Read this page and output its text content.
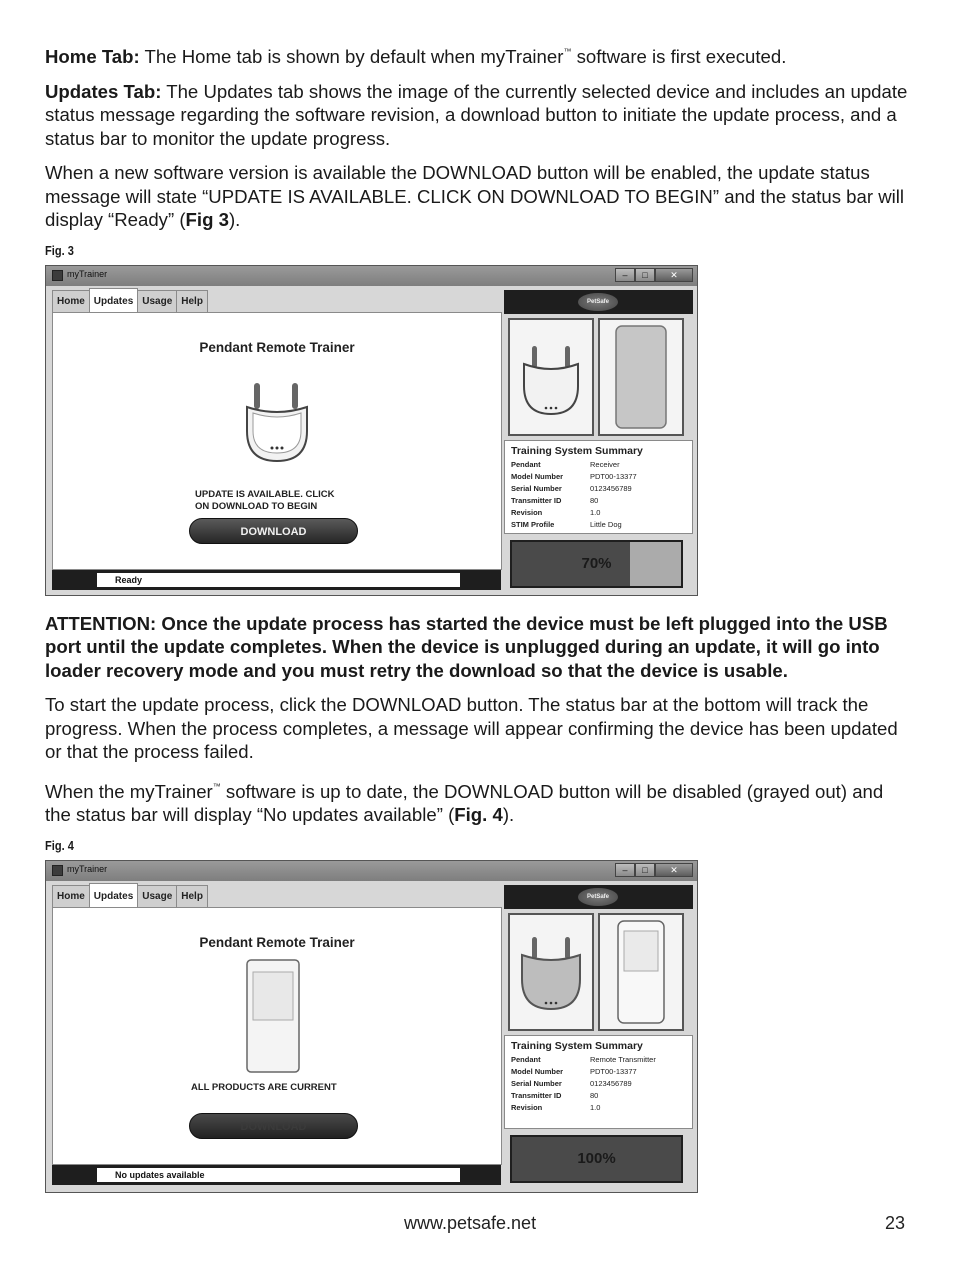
Home Tab: The Home tab is shown by default when myTrainer™ software is first executed.

Updates Tab: The Updates tab shows the image of the currently selected device and includes an update status message regarding the software revision, a download button to initiate the update process, and a status bar to monitor the update progress.

When a new software version is available the DOWNLOAD button will be enabled, the update status message will state “UPDATE IS AVAILABLE. CLICK ON DOWNLOAD TO BEGIN” and the status bar will display “Ready” (Fig 3).

Fig. 3
myTrainer	–	□	✕
Home Updates Usage Help
Pendant Remote Trainer
UPDATE IS AVAILABLE. CLICK
ON DOWNLOAD TO BEGIN
DOWNLOAD
Ready
PetSafe
Training System Summary
Pendant	Receiver
Model Number	PDT00-13377
Serial Number	0123456789
Transmitter ID	80
Revision	1.0
STIM Profile	Little Dog
70%

ATTENTION: Once the update process has started the device must be left plugged into the USB port until the update completes. When the device is unplugged during an update, it will go into loader recovery mode and you must retry the download so that the device is usable.

To start the update process, click the DOWNLOAD button. The status bar at the bottom will track the progress. When the process completes, a message will appear confirming the device has been updated or that the process failed.

When the myTrainer™ software is up to date, the DOWNLOAD button will be disabled (grayed out) and the status bar will display “No updates available” (Fig. 4).

Fig. 4
myTrainer	–	□	✕
Home Updates Usage Help
Pendant Remote Trainer
ALL PRODUCTS ARE CURRENT
DOWNLOAD
No updates available
PetSafe
Training System Summary
Pendant	Remote Transmitter
Model Number	PDT00-13377
Serial Number	0123456789
Transmitter ID	80
Revision	1.0
100%
www.petsafe.net	23
